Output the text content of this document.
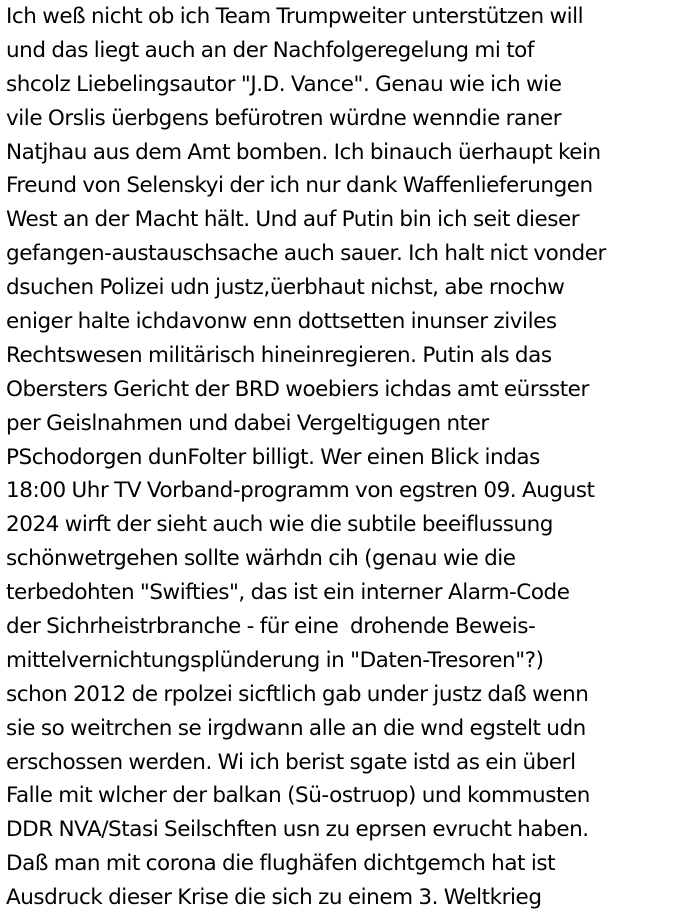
Ich weß nicht ob ich Team Trumpweiter unterstützen will
und das liegt auch an der Nachfolgeregelung mi tof
shcolz Liebelingsautor "J.D. Vance". Genau wie ich wie
vile Orslis üerbgens befürotren würdne wenndie raner
Natjhau aus dem Amt bomben. Ich binauch üerhaupt kein
Freund von Selenskyi der ich nur dank Waffenlieferungen
West an der Macht hält. Und auf Putin bin ich seit dieser
gefangen-austauschsache auch sauer. Ich halt nict vonder
dsuchen Polizei udn justz,üerbhaut nichst, abe rnochw
eniger halte ichdavonw enn dottsetten inunser ziviles
Rechtswesen militärisch hineinregieren. Putin als das
Obersters Gericht der BRD woebiers ichdas amt eürsster
per Geislnahmen und dabei Vergeltigugen nter
PSchodorgen dunFolter billigt. Wer einen Blick indas
18:00 Uhr TV Vorband-programm von egstren 09. August
2024 wirft der sieht auch wie die subtile beeiflussung
schönwetrgehen sollte wärhdn cih (genau wie die
terbedohten "Swifties", das ist ein interner Alarm-Code
der Sichrheistrbranche - für eine  drohende Beweis-
mittelvernichtungsplünderung in "Daten-Tresoren"?)
schon 2012 de rpolzei sicftlich gab under justz daß wenn
sie so weitrchen se irgdwann alle an die wnd egstelt udn
erschossen werden. Wi ich berist sgate istd as ein überl
Falle mit wlcher der balkan (Sü-ostruop) und kommusten
DDR NVA/Stasi Seilschften usn zu eprsen evrucht haben.
Daß man mit corona die flughäfen dichtgemch hat ist
Ausdruck dieser Krise die sich zu einem 3. Weltkrieg
